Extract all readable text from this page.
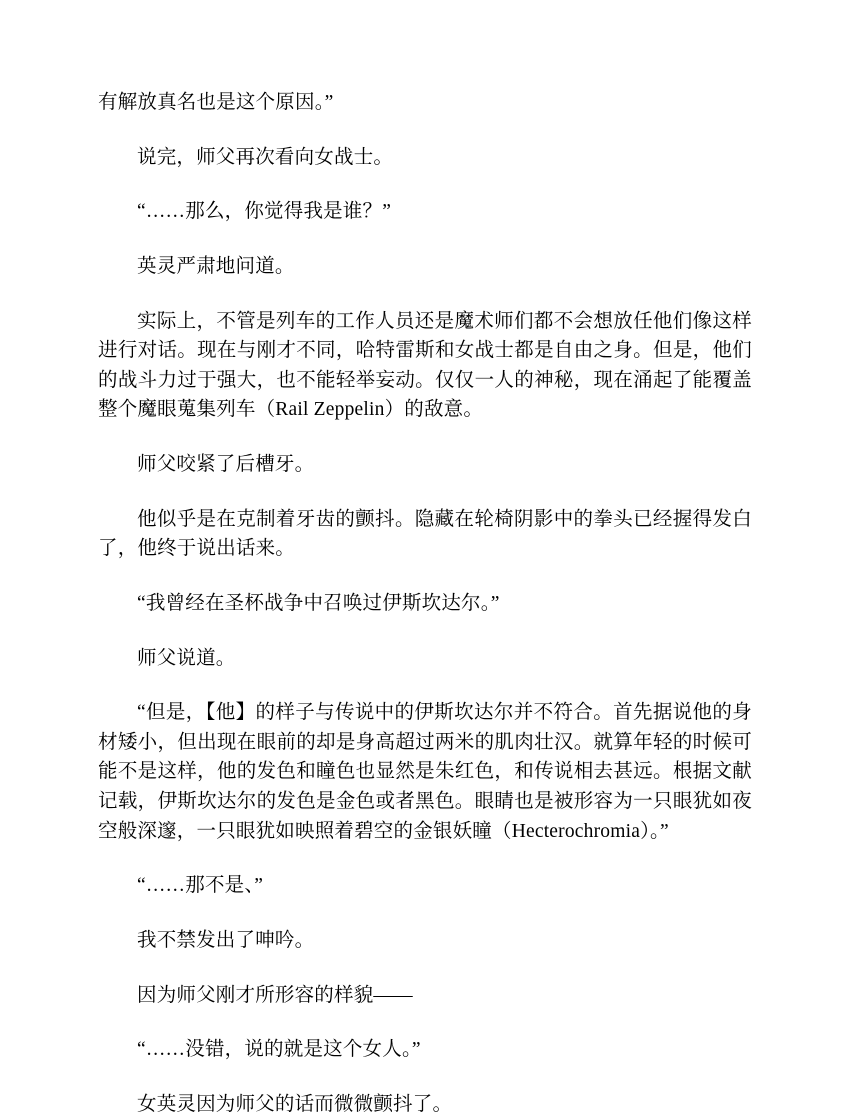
有解放真名也是这个原因。”

说完，师父再次看向女战士。

“……那么，你觉得我是谁？”

英灵严肃地问道。

实际上，不管是列车的工作人员还是魔术师们都不会想放任他们像这样进行对话。现在与刚才不同，哈特雷斯和女战士都是自由之身。但是，他们的战斗力过于强大，也不能轻举妄动。仅仅一人的神秘，现在涌起了能覆盖整个魔眼蒐集列车（Rail Zeppelin）的敌意。

师父咬紧了后槽牙。

他似乎是在克制着牙齿的颤抖。隐藏在轮椅阴影中的拳头已经握得发白了，他终于说出话来。

“我曾经在圣杯战争中召唤过伊斯坎达尔。”

师父说道。

“但是，【他】的样子与传说中的伊斯坎达尔并不符合。首先据说他的身材矮小，但出现在眼前的却是身高超过两米的肌肉壮汉。就算年轻的时候可能不是这样，他的发色和瞳色也显然是朱红色，和传说相去甚远。根据文献记载，伊斯坎达尔的发色是金色或者黑色。眼睛也是被形容为一只眼犹如夜空般深邃，一只眼犹如映照着碧空的金银妖瞳（Hecterochromia）。”

“……那不是、”

我不禁发出了呻吟。

因为师父刚才所形容的样貌——

“……没错，说的就是这个女人。”

女英灵因为师父的话而微微颤抖了。
